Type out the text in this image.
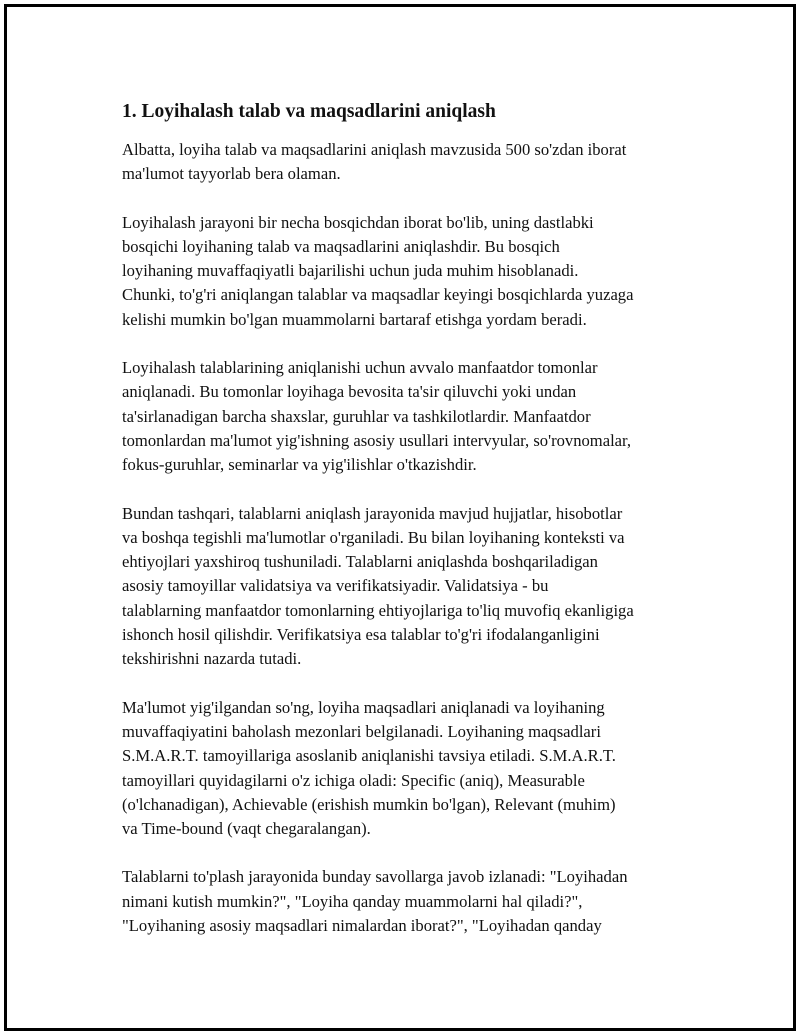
1. Loyihalash talab va maqsadlarini aniqlash
Albatta, loyiha talab va maqsadlarini aniqlash mavzusida 500 so'zdan iborat
ma'lumot tayyorlab bera olaman.
Loyihalash jarayoni bir necha bosqichdan iborat bo'lib, uning dastlabki
bosqichi loyihaning talab va maqsadlarini aniqlashdir. Bu bosqich
loyihaning muvaffaqiyatli bajarilishi uchun juda muhim hisoblanadi.
Chunki, to'g'ri aniqlangan talablar va maqsadlar keyingi bosqichlarda yuzaga
kelishi mumkin bo'lgan muammolarni bartaraf etishga yordam beradi.
Loyihalash talablarining aniqlanishi uchun avvalo manfaatdor tomonlar
aniqlanadi. Bu tomonlar loyihaga bevosita ta'sir qiluvchi yoki undan
ta'sirlanadigan barcha shaxslar, guruhlar va tashkilotlardir. Manfaatdor
tomonlardan ma'lumot yig'ishning asosiy usullari intervyular, so'rovnomalar,
fokus-guruhlar, seminarlar va yig'ilishlar o'tkazishdir.
Bundan tashqari, talablarni aniqlash jarayonida mavjud hujjatlar, hisobotlar
va boshqa tegishli ma'lumotlar o'rganiladi. Bu bilan loyihaning konteksti va
ehtiyojlari yaxshiroq tushuniladi. Talablarni aniqlashda boshqariladigan
asosiy tamoyillar validatsiya va verifikatsiyadir. Validatsiya - bu
talablarning manfaatdor tomonlarning ehtiyojlariga to'liq muvofiq ekanligiga
ishonch hosil qilishdir. Verifikatsiya esa talablar to'g'ri ifodalanganligini
tekshirishni nazarda tutadi.
Ma'lumot yig'ilgandan so'ng, loyiha maqsadlari aniqlanadi va loyihaning
muvaffaqiyatini baholash mezonlari belgilanadi. Loyihaning maqsadlari
S.M.A.R.T. tamoyillariga asoslanib aniqlanishi tavsiya etiladi. S.M.A.R.T.
tamoyillari quyidagilarni o'z ichiga oladi: Specific (aniq), Measurable
(o'lchanadigan), Achievable (erishish mumkin bo'lgan), Relevant (muhim)
va Time-bound (vaqt chegaralangan).
Talablarni to'plash jarayonida bunday savollarga javob izlanadi: "Loyihadan
nimani kutish mumkin?", "Loyiha qanday muammolarni hal qiladi?",
"Loyihaning asosiy maqsadlari nimalardan iborat?", "Loyihadan qanday
